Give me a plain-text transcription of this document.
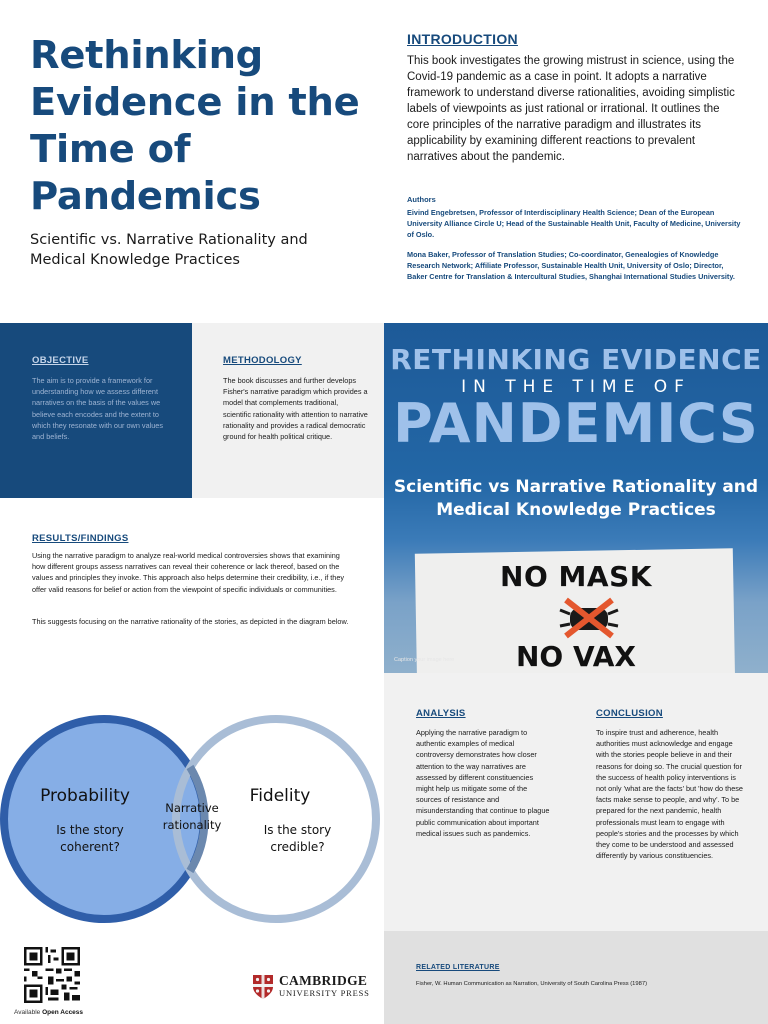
Rethinking Evidence in the Time of Pandemics
Scientific vs. Narrative Rationality and Medical Knowledge Practices
INTRODUCTION
This book investigates the growing mistrust in science, using the Covid-19 pandemic as a case in point. It adopts a narrative framework to understand diverse rationalities, avoiding simplistic labels of viewpoints as just rational or irrational. It outlines the core principles of the narrative paradigm and illustrates its applicability by examining different reactions to prevalent narratives about the pandemic.
Authors
Eivind Engebretsen, Professor of Interdisciplinary Health Science; Dean of the European University Alliance Circle U; Head of the Sustainable Health Unit, Faculty of Medicine, University of Oslo.
Mona Baker, Professor of Translation Studies; Co-coordinator, Genealogies of Knowledge Research Network; Affiliate Professor, Sustainable Health Unit, University of Oslo; Director, Baker Centre for Translation & Intercultural Studies, Shanghai International Studies University.
OBJECTIVE
The aim is to provide a framework for understanding how we assess different narratives on the basis of the values we believe each encodes and the extent to which they resonate with our own values and beliefs.
METHODOLOGY
The book discusses and further develops Fisher's narrative paradigm which provides a model that complements traditional, scientific rationality with attention to narrative rationality and provides a radical democratic ground for health political critique.
RETHINKING EVIDENCE
IN THE TIME OF
PANDEMICS
Scientific vs Narrative Rationality and Medical Knowledge Practices
NO MASK
NO VAX
Caption your image here
RESULTS/FINDINGS
Using the narrative paradigm to analyze real-world medical controversies shows that examining how different groups assess narratives can reveal their coherence or lack thereof, based on the values and principles they invoke. This approach also helps determine their credibility, i.e., if they offer valid reasons for belief or action from the viewpoint of specific individuals or communities.
This suggests focusing on the narrative rationality of the stories, as depicted in the diagram below.
Probability
Is the story coherent?
Fidelity
Is the story credible?
Narrative rationality
ANALYSIS
Applying the narrative paradigm to authentic examples of medical controversy demonstrates how closer attention to the way narratives are assessed by different constituencies might help us mitigate some of the sources of resistance and misunderstanding that continue to plague public communication about important medical issues such as pandemics.
CONCLUSION
To inspire trust and adherence, health authorities must acknowledge and engage with the stories people believe in and their reasons for doing so. The crucial question for the success of health policy interventions is not only 'what are the facts' but 'how do these facts make sense to people, and why'. To be prepared for the next pandemic, health professionals must learn to engage with people's stories and the processes by which they come to be understood and assessed differently by various constituencies.
RELATED LITERATURE
Fisher, W. Human Communication as Narration, University of South Carolina Press (1987)
Available Open Access
CAMBRIDGE
UNIVERSITY PRESS
